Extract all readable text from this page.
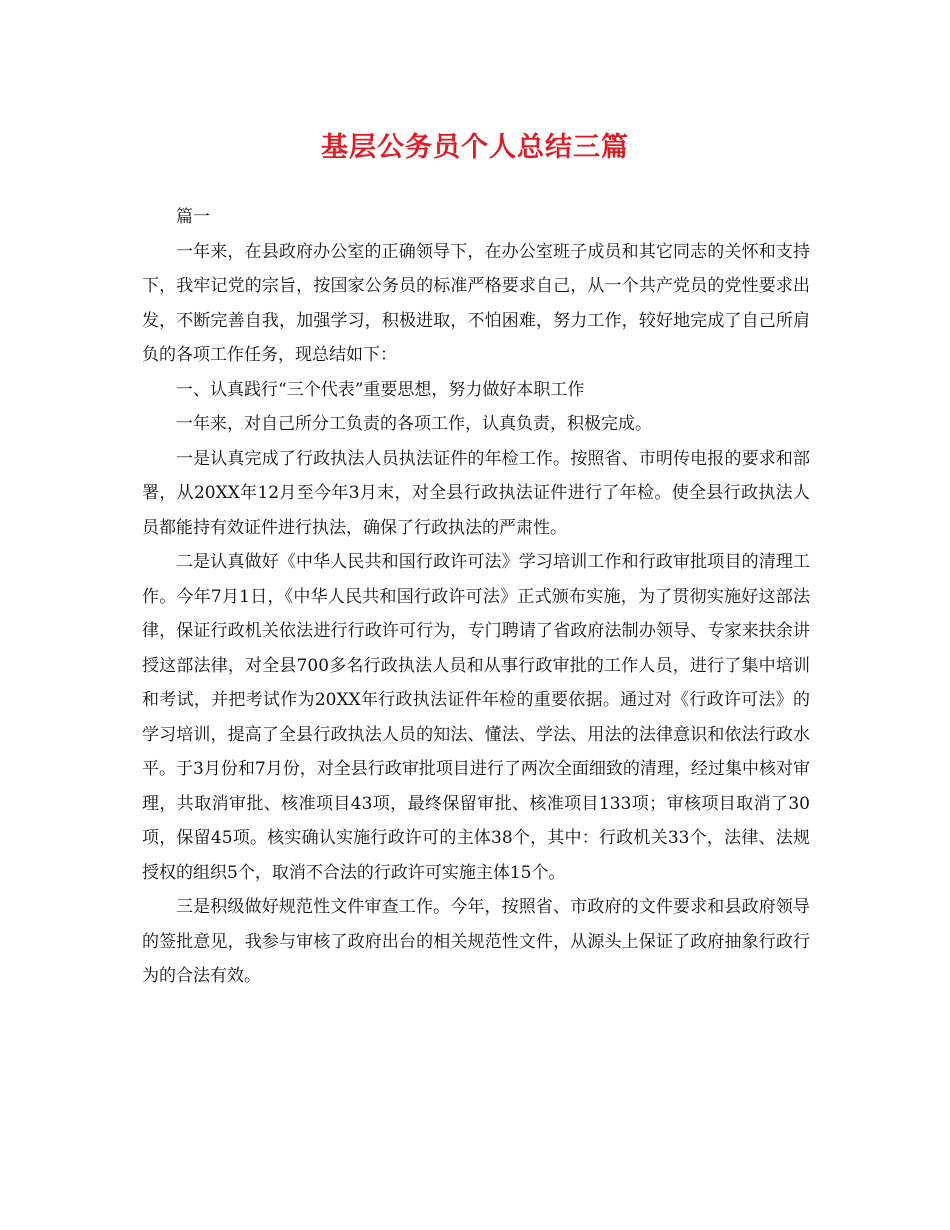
基层公务员个人总结三篇

篇一

一年来，在县政府办公室的正确领导下，在办公室班子成员和其它同志的关怀和支持下，我牢记党的宗旨，按国家公务员的标准严格要求自己，从一个共产党员的党性要求出发，不断完善自我，加强学习，积极进取，不怕困难，努力工作，较好地完成了自己所肩负的各项工作任务，现总结如下：

一、认真践行“三个代表”重要思想，努力做好本职工作

一年来，对自己所分工负责的各项工作，认真负责，积极完成。

一是认真完成了行政执法人员执法证件的年检工作。按照省、市明传电报的要求和部署，从20XX年12月至今年3月末，对全县行政执法证件进行了年检。使全县行政执法人员都能持有效证件进行执法，确保了行政执法的严肃性。

二是认真做好《中华人民共和国行政许可法》学习培训工作和行政审批项目的清理工作。今年7月1日，《中华人民共和国行政许可法》正式颁布实施，为了贯彻实施好这部法律，保证行政机关依法进行行政许可行为，专门聘请了省政府法制办领导、专家来扶余讲授这部法律，对全县700多名行政执法人员和从事行政审批的工作人员，进行了集中培训和考试，并把考试作为20XX年行政执法证件年检的重要依据。通过对《行政许可法》的学习培训，提高了全县行政执法人员的知法、懂法、学法、用法的法律意识和依法行政水平。于3月份和7月份，对全县行政审批项目进行了两次全面细致的清理，经过集中核对审理，共取消审批、核准项目43项，最终保留审批、核准项目133项；审核项目取消了30项，保留45项。核实确认实施行政许可的主体38个，其中：行政机关33个，法律、法规授权的组织5个，取消不合法的行政许可实施主体15个。

三是积级做好规范性文件审查工作。今年，按照省、市政府的文件要求和县政府领导的签批意见，我参与审核了政府出台的相关规范性文件，从源头上保证了政府抽象行政行为的合法有效。
